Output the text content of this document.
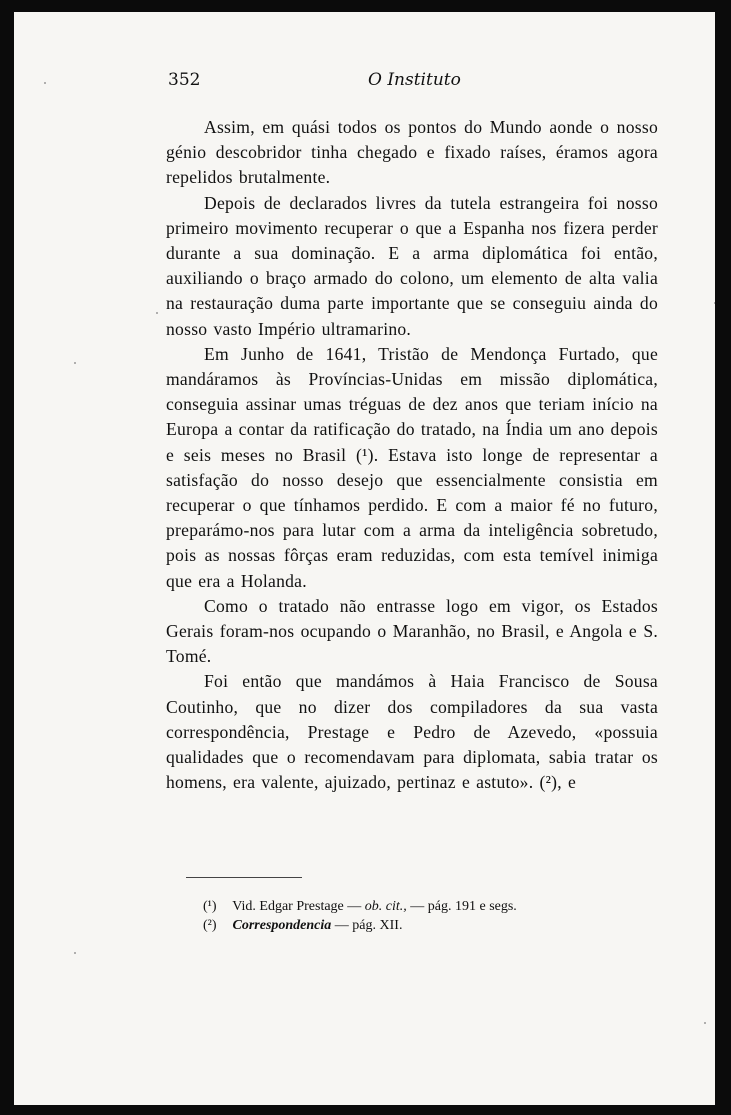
352	O Instituto

Assim, em quási todos os pontos do Mundo aonde o nosso génio descobridor tinha chegado e fixado raíses, éramos agora repelidos brutalmente.

Depois de declarados livres da tutela estrangeira foi nosso primeiro movimento recuperar o que a Espanha nos fizera perder durante a sua dominação. E a arma diplomática foi então, auxiliando o braço armado do colono, um elemento de alta valia na restauração duma parte importante que se conseguiu ainda do nosso vasto Império ultramarino.

Em Junho de 1641, Tristão de Mendonça Furtado, que mandáramos às Províncias-Unidas em missão diplomática, conseguia assinar umas tréguas de dez anos que teriam início na Europa a contar da ratificação do tratado, na Índia um ano depois e seis meses no Brasil (¹). Estava isto longe de representar a satisfação do nosso desejo que essencialmente consistia em recuperar o que tínhamos perdido. E com a maior fé no futuro, preparámo-nos para lutar com a arma da inteligência sobretudo, pois as nossas fôrças eram reduzidas, com esta temível inimiga que era a Holanda.

Como o tratado não entrasse logo em vigor, os Estados Gerais foram-nos ocupando o Maranhão, no Brasil, e Angola e S. Tomé.

Foi então que mandámos à Haia Francisco de Sousa Coutinho, que no dizer dos compiladores da sua vasta correspondência, Prestage e Pedro de Azevedo, «possuia qualidades que o recomendavam para diplomata, sabia tratar os homens, era valente, ajuizado, pertinaz e astuto». (²), e

(¹) Vid. Edgar Prestage — ob. cit., — pág. 191 e segs.
(²) Correspondencia — pág. XII.
